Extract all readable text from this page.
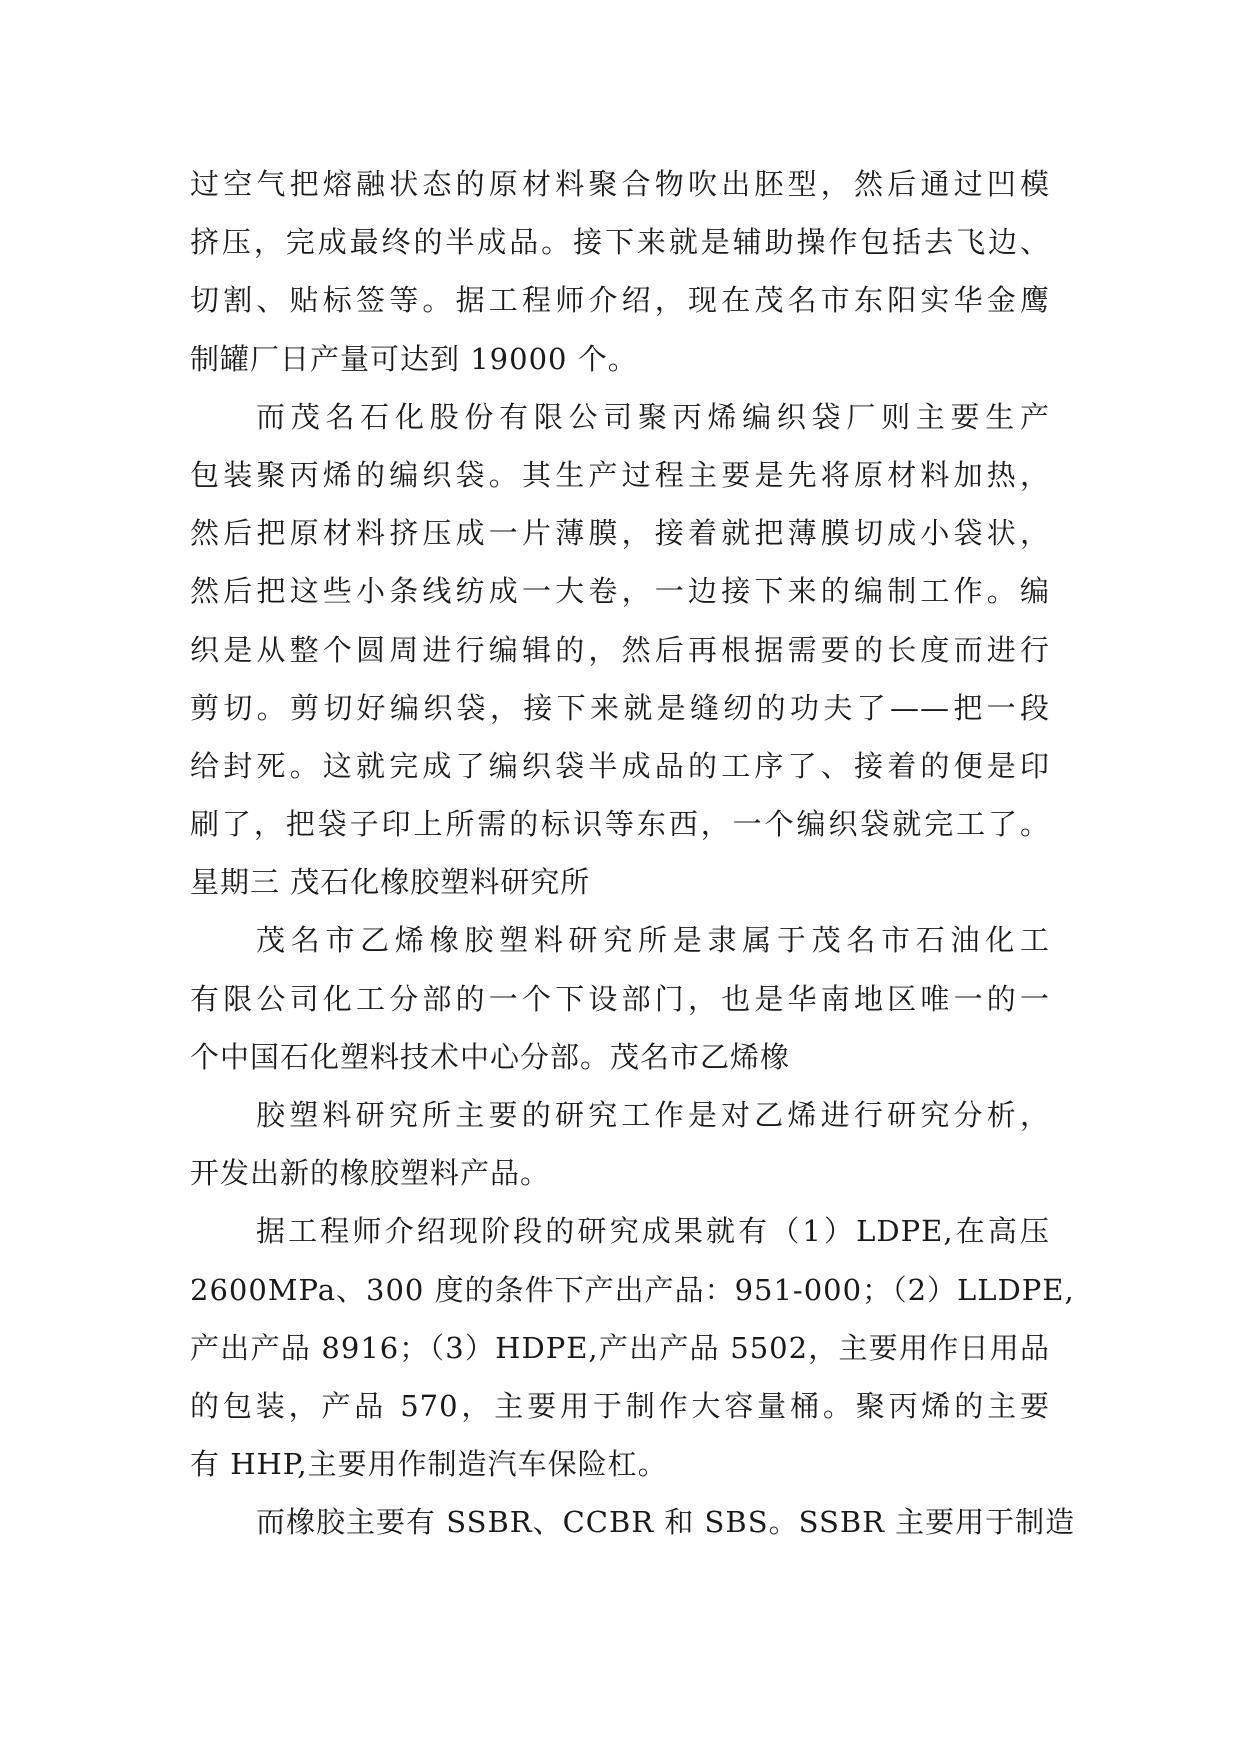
过空气把熔融状态的原材料聚合物吹出胚型，然后通过凹模
挤压，完成最终的半成品。接下来就是辅助操作包括去飞边、
切割、贴标签等。据工程师介绍，现在茂名市东阳实华金鹰
制罐厂日产量可达到 19000 个。
而茂名石化股份有限公司聚丙烯编织袋厂则主要生产
包装聚丙烯的编织袋。其生产过程主要是先将原材料加热，
然后把原材料挤压成一片薄膜，接着就把薄膜切成小袋状，
然后把这些小条线纺成一大卷，一边接下来的编制工作。编
织是从整个圆周进行编辑的，然后再根据需要的长度而进行
剪切。剪切好编织袋，接下来就是缝纫的功夫了——把一段
给封死。这就完成了编织袋半成品的工序了、接着的便是印
刷了，把袋子印上所需的标识等东西，一个编织袋就完工了。
星期三 茂石化橡胶塑料研究所
茂名市乙烯橡胶塑料研究所是隶属于茂名市石油化工
有限公司化工分部的一个下设部门，也是华南地区唯一的一
个中国石化塑料技术中心分部。茂名市乙烯橡
胶塑料研究所主要的研究工作是对乙烯进行研究分析，
开发出新的橡胶塑料产品。
据工程师介绍现阶段的研究成果就有（1）LDPE,在高压
2600MPa、300 度的条件下产出产品：951-000；（2）LLDPE,
产出产品 8916；（3）HDPE,产出产品 5502，主要用作日用品
的包装，产品 570，主要用于制作大容量桶。聚丙烯的主要
有 HHP,主要用作制造汽车保险杠。
而橡胶主要有 SSBR、CCBR 和 SBS。SSBR 主要用于制造
